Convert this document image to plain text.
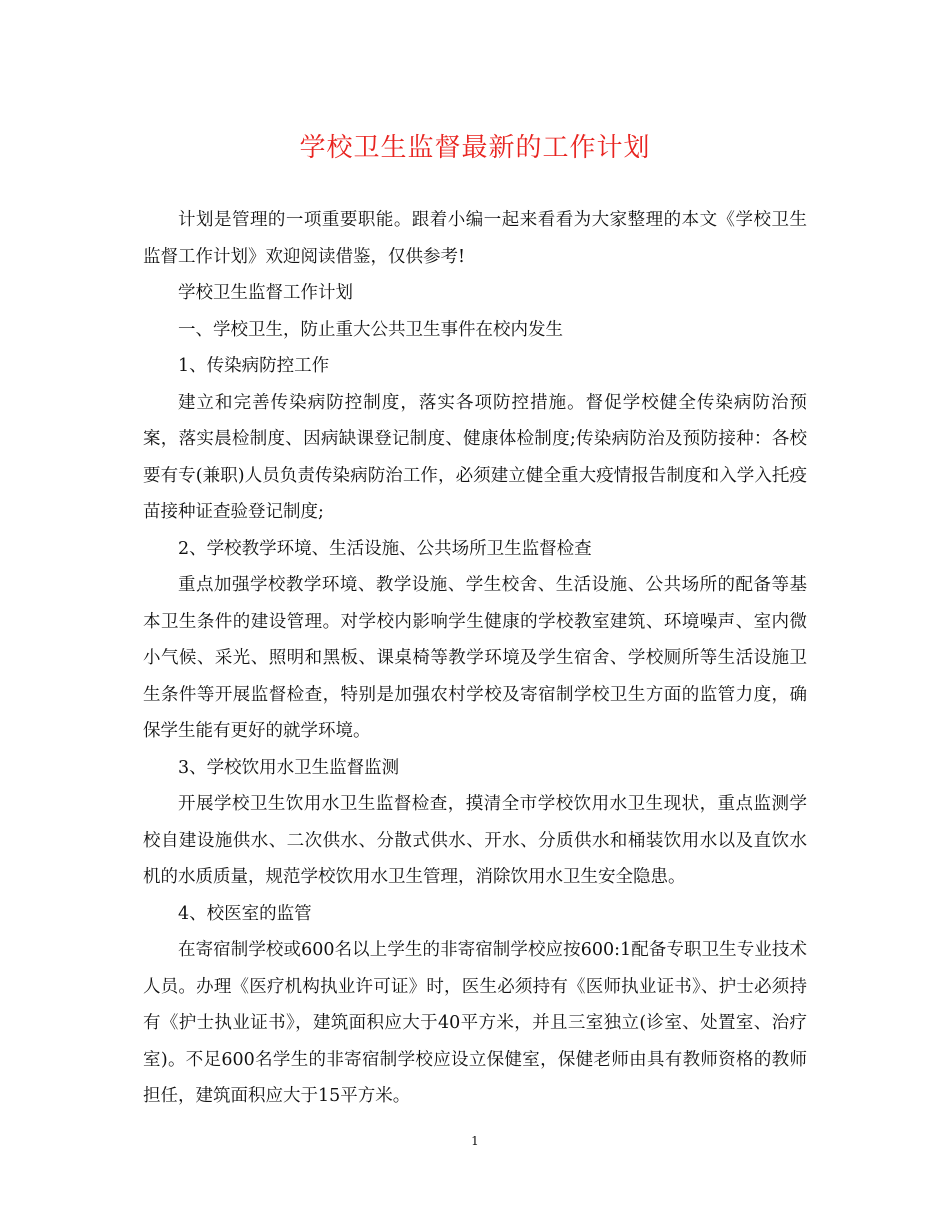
学校卫生监督最新的工作计划

计划是管理的一项重要职能。跟着小编一起来看看为大家整理的本文《学校卫生监督工作计划》欢迎阅读借鉴，仅供参考!

学校卫生监督工作计划

一、学校卫生，防止重大公共卫生事件在校内发生

1、传染病防控工作

建立和完善传染病防控制度，落实各项防控措施。督促学校健全传染病防治预案，落实晨检制度、因病缺课登记制度、健康体检制度;传染病防治及预防接种：各校要有专(兼职)人员负责传染病防治工作，必须建立健全重大疫情报告制度和入学入托疫苗接种证查验登记制度;

2、学校教学环境、生活设施、公共场所卫生监督检查

重点加强学校教学环境、教学设施、学生校舍、生活设施、公共场所的配备等基本卫生条件的建设管理。对学校内影响学生健康的学校教室建筑、环境噪声、室内微小气候、采光、照明和黑板、课桌椅等教学环境及学生宿舍、学校厕所等生活设施卫生条件等开展监督检查，特别是加强农村学校及寄宿制学校卫生方面的监管力度，确保学生能有更好的就学环境。

3、学校饮用水卫生监督监测

开展学校卫生饮用水卫生监督检查，摸清全市学校饮用水卫生现状，重点监测学校自建设施供水、二次供水、分散式供水、开水、分质供水和桶装饮用水以及直饮水机的水质质量，规范学校饮用水卫生管理，消除饮用水卫生安全隐患。

4、校医室的监管

在寄宿制学校或600名以上学生的非寄宿制学校应按600:1配备专职卫生专业技术人员。办理《医疗机构执业许可证》时，医生必须持有《医师执业证书》、护士必须持有《护士执业证书》，建筑面积应大于40平方米，并且三室独立(诊室、处置室、治疗室)。不足600名学生的非寄宿制学校应设立保健室，保健老师由具有教师资格的教师担任，建筑面积应大于15平方米。

1
